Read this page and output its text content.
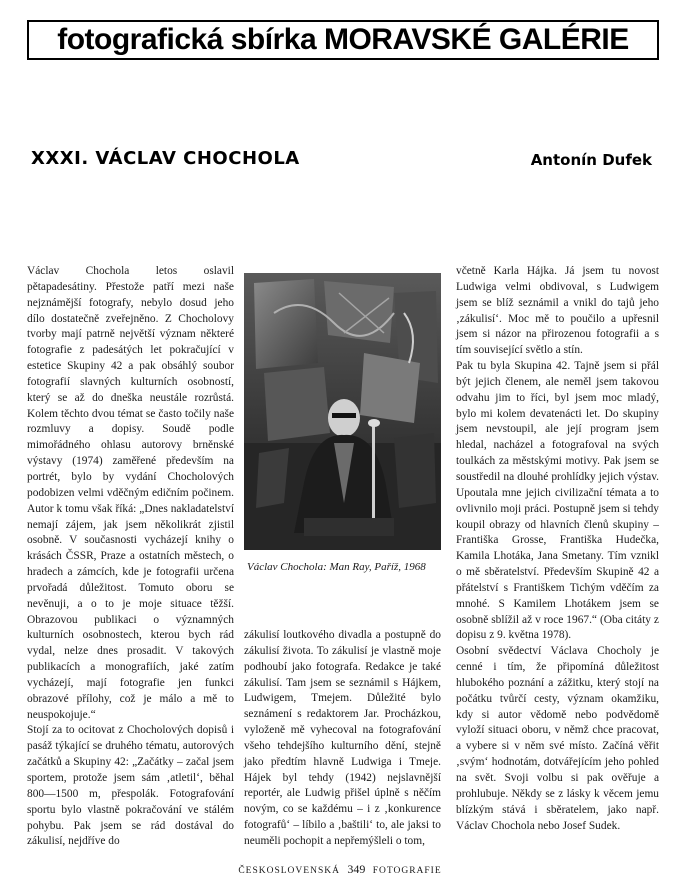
fotografická sbírka MORAVSKÉ GALÉRIE
XXXI. VÁCLAV CHOCHOLA	Antonín Dufek

Václav Chochola letos oslavil pětapadesátiny. Přestože patří mezi naše nejznámější fotografy, nebylo dosud jeho dílo dostatečně zveřejněno. Z Chocholovy tvorby mají patrně největší význam některé fotografie z padesátých let pokračující v estetice Skupiny 42 a pak obsáhlý soubor fotografií slavných kulturních osobností, který se až do dneška neustále rozrůstá. Kolem těchto dvou témat se často točily naše rozmluvy a dopisy. Soudě podle mimořádného ohlasu autorovy brněnské výstavy (1974) zaměřené především na portrét, bylo by vydání Chocholových podobizen velmi vděčným edičním počinem. Autor k tomu však říká: „Dnes nakladatelství nemají zájem, jak jsem několikrát zjistil osobně. V současnosti vycházejí knihy o krásách ČSSR, Praze a ostatních městech, o hradech a zámcích, kde je fotografii určena prvořadá důležitost. Tomuto oboru se nevěnuji, a o to je moje situace těžší. Obrazovou publikaci o významných kulturních osobnostech, kterou bych rád vydal, nelze dnes prosadit. V takových publikacích a monografiích, jaké zatím vycházejí, mají fotografie jen funkci obrazové přílohy, což je málo a mě to neuspokojuje.“

Stojí za to ocitovat z Chocholových dopisů i pasáž týkající se druhého tématu, autorových začátků a Skupiny 42: „Začátky – začal jsem sportem, protože jsem sám ‚atletil‘, běhal 800—1500 m, přespolák. Fotografování sportu bylo vlastně pokračování ve stálém pohybu. Pak jsem se rád dostával do zákulisí, nejdříve do

Václav Chochola: Man Ray, Paříž, 1968

zákulisí loutkového divadla a postupně do zákulisí života. To zákulisí je vlastně moje podhoubí jako fotografa. Redakce je také zákulisí. Tam jsem se seznámil s Hájkem, Ludwigem, Tmejem. Důležité bylo seznámení s redaktorem Jar. Procházkou, vyloženě mě vyhecoval na fotografování všeho tehdejšího kulturního dění, stejně jako předtím hlavně Ludwiga i Tmeje. Hájek byl tehdy (1942) nejslavnější reportér, ale Ludwig přišel úplně s něčím novým, co se každému – i z ‚konkurence fotografů‘ – líbilo a ‚baštili‘ to, ale jaksi to neuměli pochopit a nepřemýšleli o tom,

včetně Karla Hájka. Já jsem tu novost Ludwiga velmi obdivoval, s Ludwigem jsem se blíž seznámil a vnikl do tajů jeho ‚zákulisí‘. Moc mě to poučilo a upřesnil jsem si názor na přirozenou fotografii a s tím související světlo a stín.

Pak tu byla Skupina 42. Tajně jsem si přál být jejich členem, ale neměl jsem takovou odvahu jim to říci, byl jsem moc mladý, bylo mi kolem devatenácti let. Do skupiny jsem nevstoupil, ale její program jsem hledal, nacházel a fotografoval na svých toulkách za městskými motivy. Pak jsem se soustředil na dlouhé prohlídky jejich výstav. Upoutala mne jejich civilizační témata a to ovlivnilo moji práci. Postupně jsem si tehdy koupil obrazy od hlavních členů skupiny – Františka Grosse, Františka Hudečka, Kamila Lhotáka, Jana Smetany. Tím vznikl o mě sběratelství. Především Skupině 42 a přátelství s Františkem Tichým vděčím za mnohé. S Kamilem Lhotákem jsem se osobně sblížil až v roce 1967.“ (Oba citáty z dopisu z 9. května 1978).

Osobní svědectví Václava Chocholy je cenné i tím, že připomíná důležitost hlubokého poznání a zážitku, který stojí na počátku tvůrčí cesty, význam okamžiku, kdy si autor vědomě nebo podvědomě vyloží situaci oboru, v němž chce pracovat, a vybere si v něm své místo. Začíná věřit ‚svým‘ hodnotám, dotvářejícím jeho pohled na svět. Svoji volbu si pak ověřuje a prohlubuje. Někdy se z lásky k věcem jemu blízkým stává i sběratelem, jako např. Václav Chochola nebo Josef Sudek.

ČESKOSLOVENSKÁ 349 FOTOGRAFIE
